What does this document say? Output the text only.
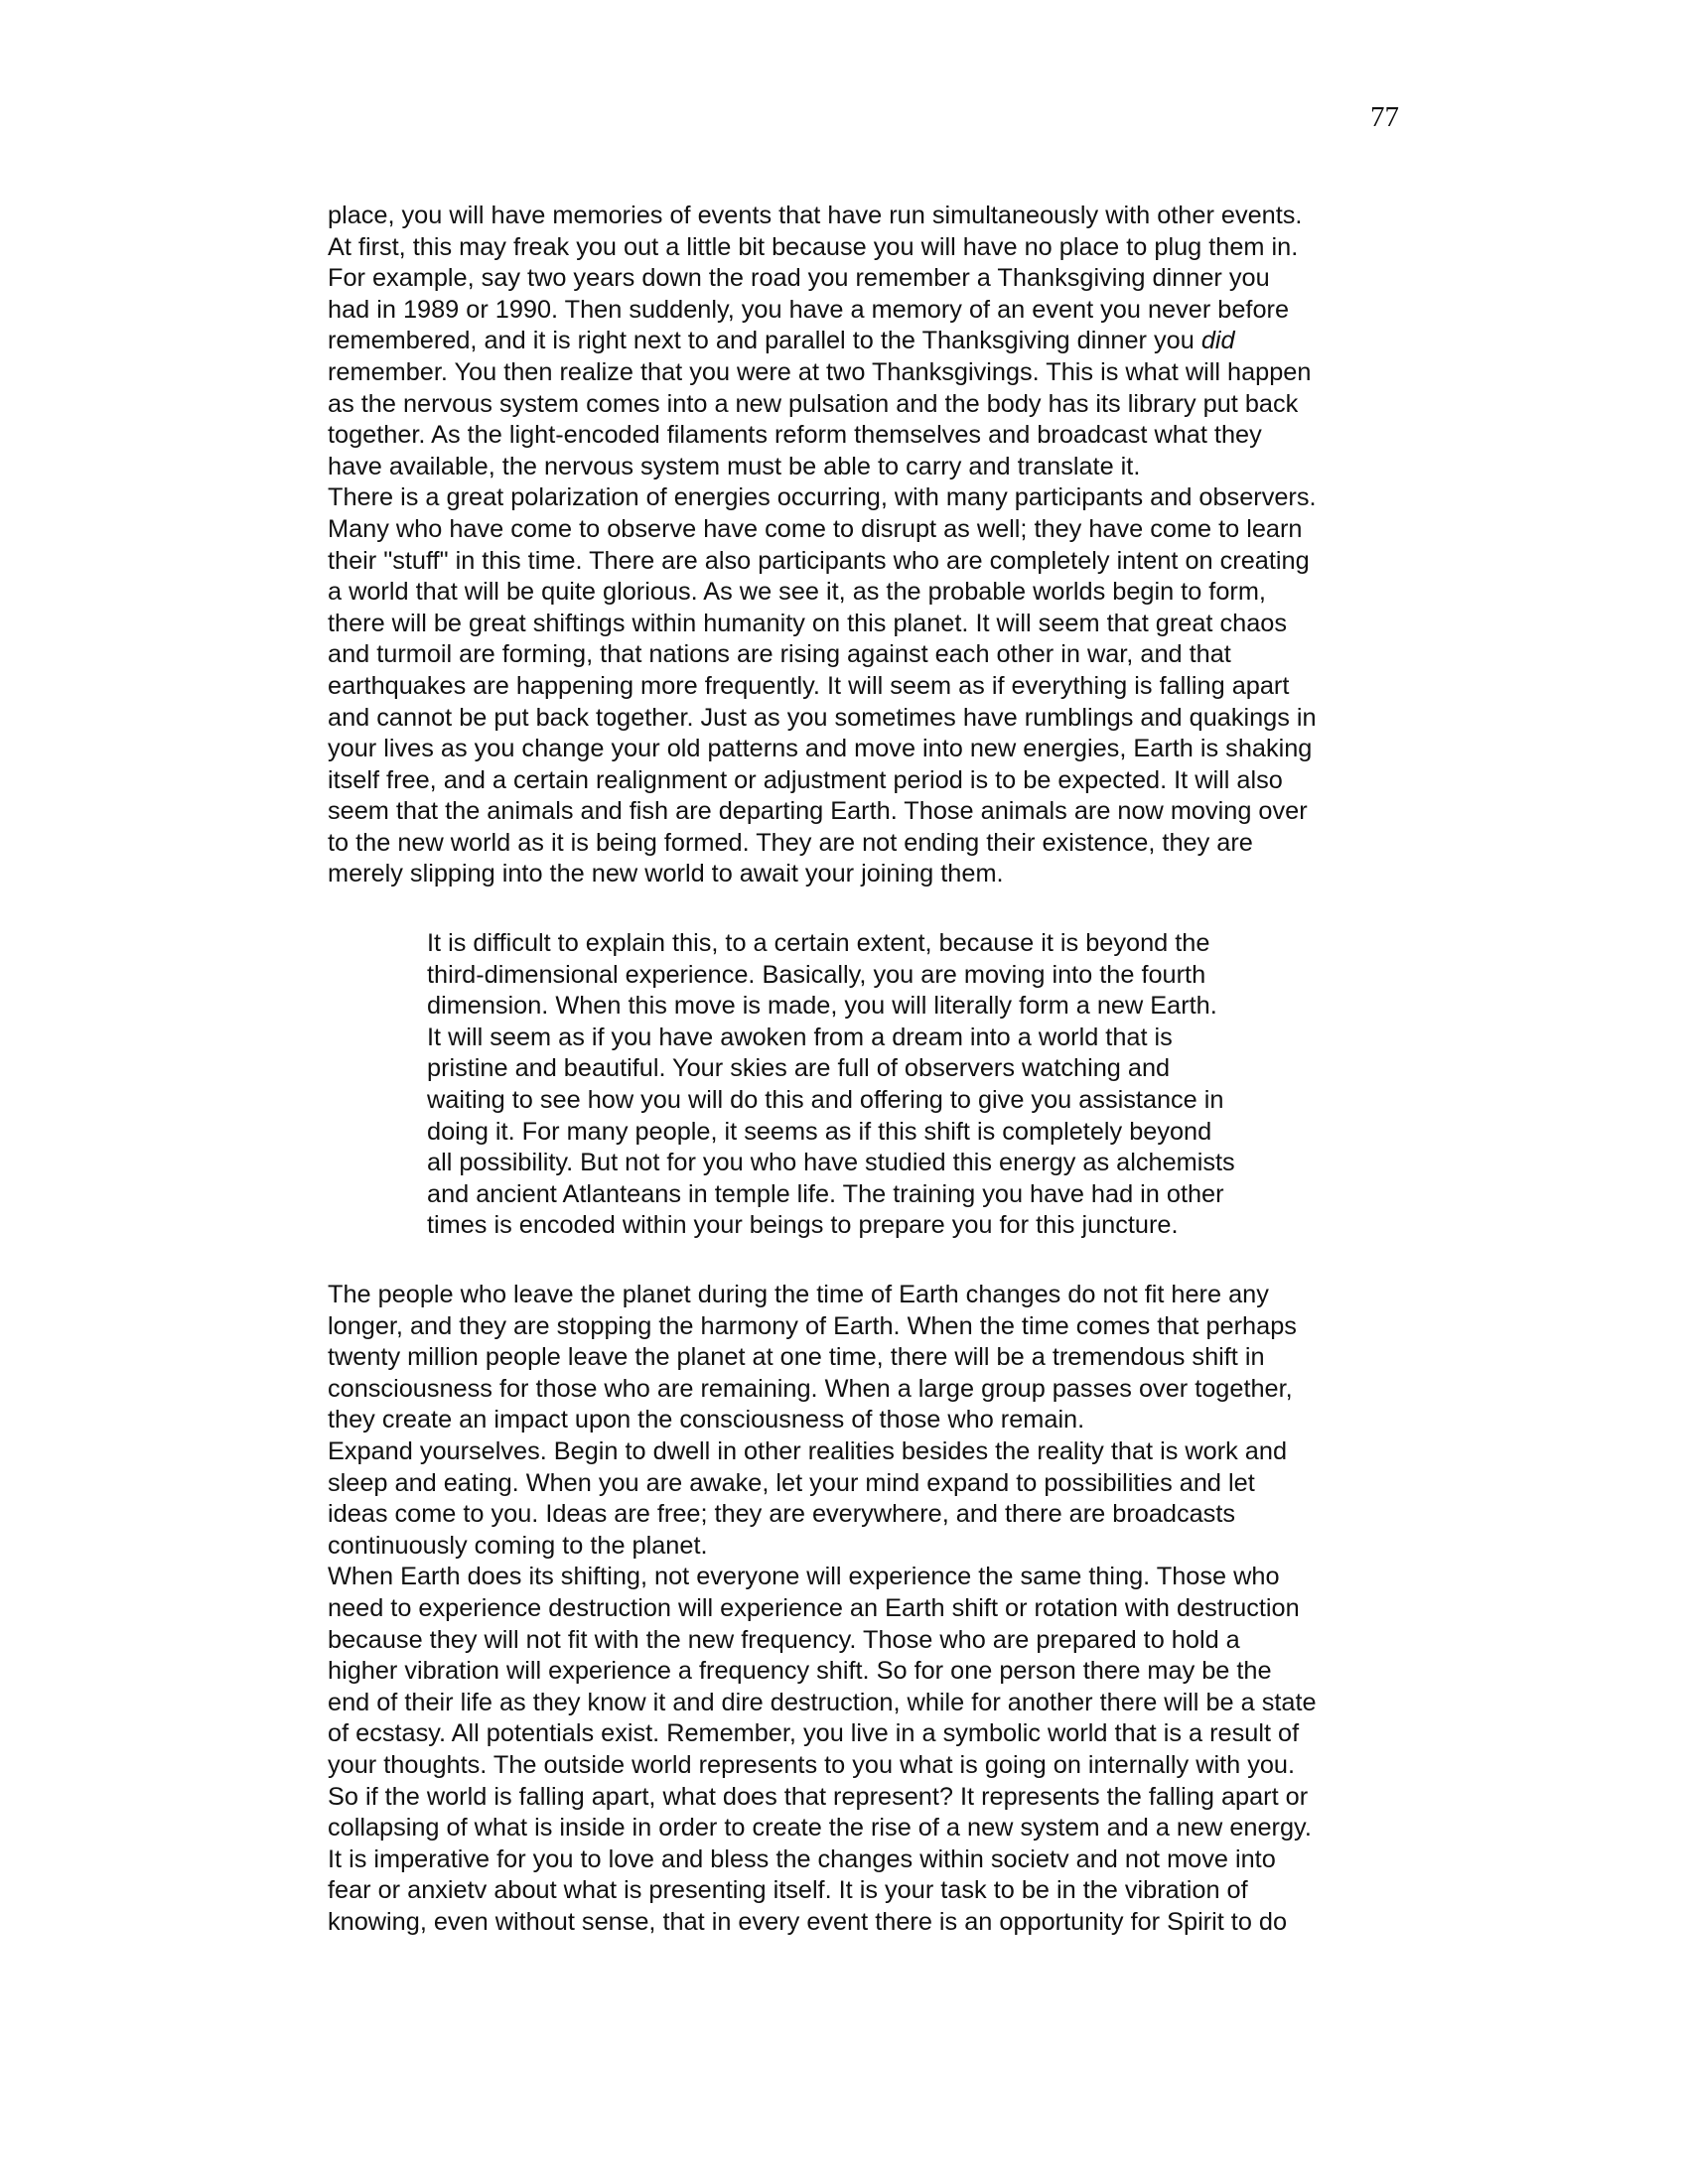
77
place, you will have memories of events that have run simultaneously with other events.
At first, this may freak you out a little bit because you will have no place to plug them in.
For example, say two years down the road you remember a Thanksgiving dinner you
had in 1989 or 1990. Then suddenly, you have a memory of an event you never before
remembered, and it is right next to and parallel to the Thanksgiving dinner you did
remember. You then realize that you were at two Thanksgivings. This is what will happen
as the nervous system comes into a new pulsation and the body has its library put back
together. As the light-encoded filaments reform themselves and broadcast what they
have available, the nervous system must be able to carry and translate it.
There is a great polarization of energies occurring, with many participants and observers.
Many who have come to observe have come to disrupt as well; they have come to learn
their "stuff" in this time. There are also participants who are completely intent on creating
a world that will be quite glorious. As we see it, as the probable worlds begin to form,
there will be great shiftings within humanity on this planet. It will seem that great chaos
and turmoil are forming, that nations are rising against each other in war, and that
earthquakes are happening more frequently. It will seem as if everything is falling apart
and cannot be put back together. Just as you sometimes have rumblings and quakings in
your lives as you change your old patterns and move into new energies, Earth is shaking
itself free, and a certain realignment or adjustment period is to be expected. It will also
seem that the animals and fish are departing Earth. Those animals are now moving over
to the new world as it is being formed. They are not ending their existence, they are
merely slipping into the new world to await your joining them.
It is difficult to explain this, to a certain extent, because it is beyond the
third-dimensional experience. Basically, you are moving into the fourth
dimension. When this move is made, you will literally form a new Earth.
It will seem as if you have awoken from a dream into a world that is
pristine and beautiful. Your skies are full of observers watching and
waiting to see how you will do this and offering to give you assistance in
doing it. For many people, it seems as if this shift is completely beyond
all possibility. But not for you who have studied this energy as alchemists
and ancient Atlanteans in temple life. The training you have had in other
times is encoded within your beings to prepare you for this juncture.
The people who leave the planet during the time of Earth changes do not fit here any
longer, and they are stopping the harmony of Earth. When the time comes that perhaps
twenty million people leave the planet at one time, there will be a tremendous shift in
consciousness for those who are remaining. When a large group passes over together,
they create an impact upon the consciousness of those who remain.
Expand yourselves. Begin to dwell in other realities besides the reality that is work and
sleep and eating. When you are awake, let your mind expand to possibilities and let
ideas come to you. Ideas are free; they are everywhere, and there are broadcasts
continuously coming to the planet.
When Earth does its shifting, not everyone will experience the same thing. Those who
need to experience destruction will experience an Earth shift or rotation with destruction
because they will not fit with the new frequency. Those who are prepared to hold a
higher vibration will experience a frequency shift. So for one person there may be the
end of their life as they know it and dire destruction, while for another there will be a state
of ecstasy. All potentials exist. Remember, you live in a symbolic world that is a result of
your thoughts. The outside world represents to you what is going on internally with you.
So if the world is falling apart, what does that represent? It represents the falling apart or
collapsing of what is inside in order to create the rise of a new system and a new energy.
It is imperative for you to love and bless the changes within societv and not move into
fear or anxietv about what is presenting itself. It is your task to be in the vibration of
knowing, even without sense, that in every event there is an opportunity for Spirit to do
